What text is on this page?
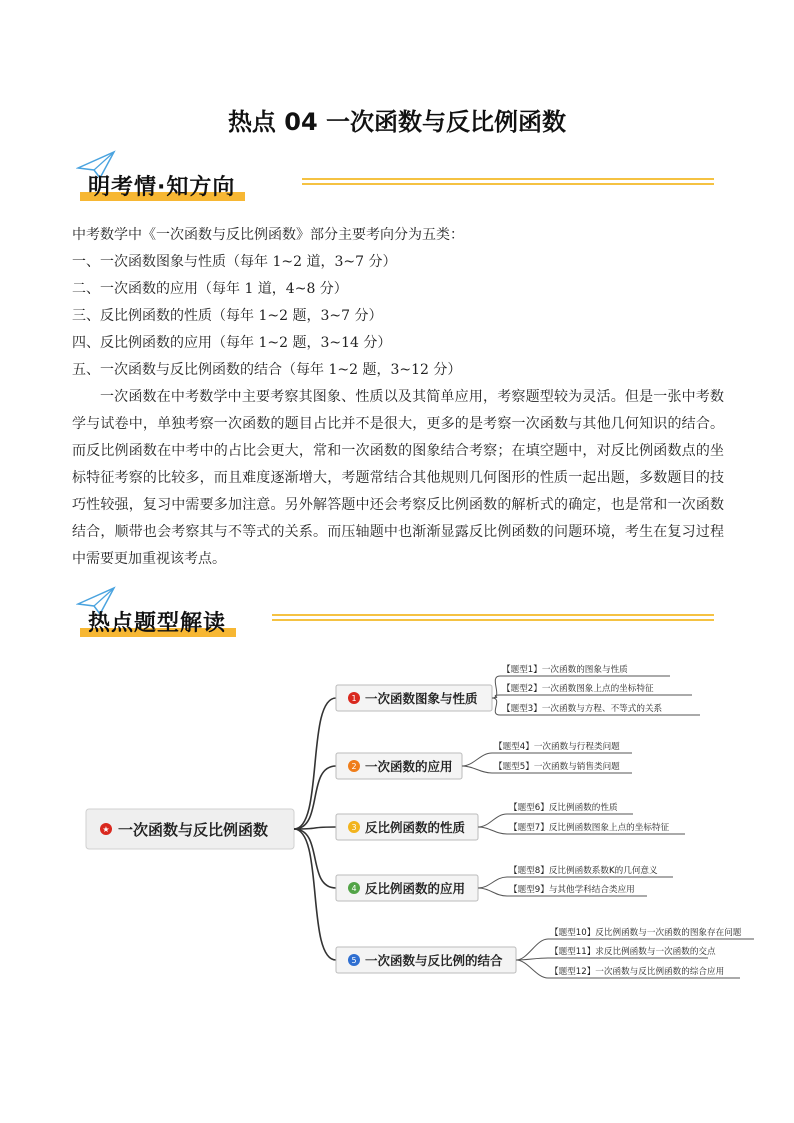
热点 04 一次函数与反比例函数
明考情·知方向

中考数学中《一次函数与反比例函数》部分主要考向分为五类：

一、一次函数图象与性质（每年 1~2 道，3~7 分）

二、一次函数的应用（每年 1 道，4~8 分）

三、反比例函数的性质（每年 1~2 题，3~7 分）

四、反比例函数的应用（每年 1~2 题，3~14 分）

五、一次函数与反比例函数的结合（每年 1~2 题，3~12 分）

一次函数在中考数学中主要考察其图象、性质以及其简单应用，考察题型较为灵活。但是一张中考数学与试卷中，单独考察一次函数的题目占比并不是很大，更多的是考察一次函数与其他几何知识的结合。而反比例函数在中考中的占比会更大，常和一次函数的图象结合考察；在填空题中，对反比例函数点的坐标特征考察的比较多，而且难度逐渐增大，考题常结合其他规则几何图形的性质一起出题，多数题目的技巧性较强，复习中需要多加注意。另外解答题中还会考察反比例函数的解析式的确定，也是常和一次函数结合，顺带也会考察其与不等式的关系。而压轴题中也渐渐显露反比例函数的问题环境，考生在复习过程中需要更加重视该考点。

热点题型解读
★ 一次函数与反比例函数
1 一次函数图象与性质
【题型1】一次函数的图象与性质
【题型2】一次函数图象上点的坐标特征
【题型3】一次函数与方程、不等式的关系
2 一次函数的应用
【题型4】一次函数与行程类问题
【题型5】一次函数与销售类问题
3 反比例函数的性质
【题型6】反比例函数的性质
【题型7】反比例函数图象上点的坐标特征
4 反比例函数的应用
【题型8】反比例函数系数K的几何意义
【题型9】与其他学科结合类应用
5 一次函数与反比例的结合
【题型10】反比例函数与一次函数的图象存在问题
【题型11】求反比例函数与一次函数的交点
【题型12】一次函数与反比例函数的综合应用
